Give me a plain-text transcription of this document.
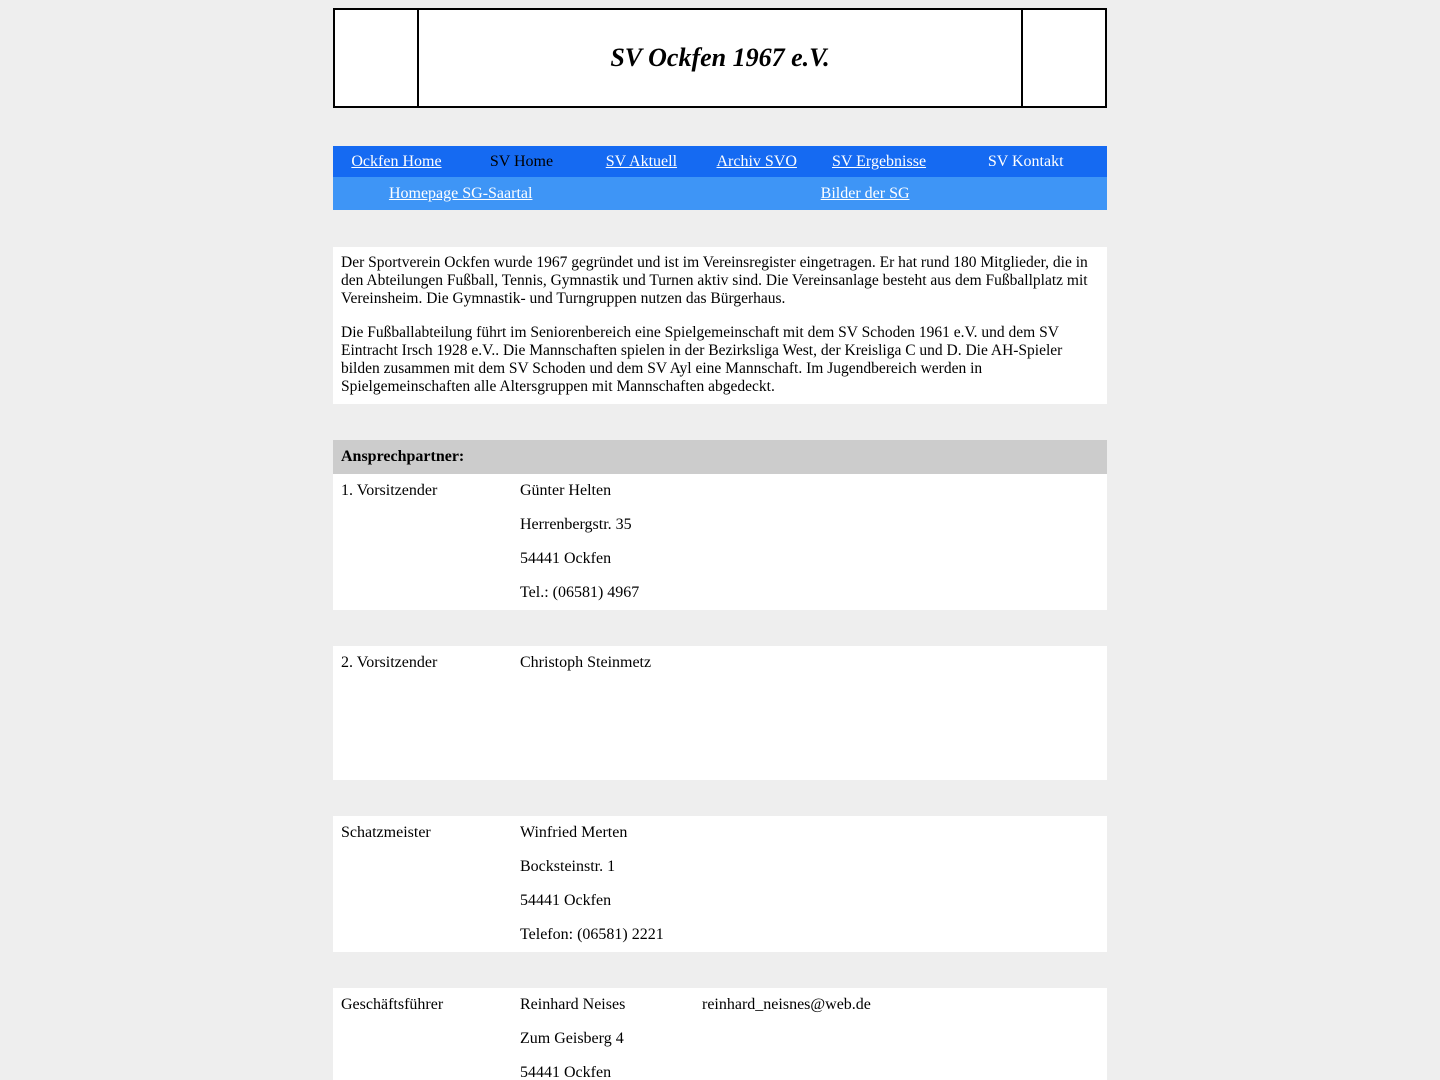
SV Ockfen 1967 e.V.
Ockfen Home	SV Home	SV Aktuell	Archiv SVO	SV Ergebnisse	SV Kontakt
Homepage SG-Saartal	Bilder der SG

Der Sportverein Ockfen wurde 1967 gegründet und ist im Vereinsregister eingetragen. Er hat rund 180 Mitglieder, die in den Abteilungen Fußball, Tennis, Gymnastik und Turnen aktiv sind. Die Vereinsanlage besteht aus dem Fußballplatz mit Vereinsheim. Die Gymnastik- und Turngruppen nutzen das Bürgerhaus.

Die Fußballabteilung führt im Seniorenbereich eine Spielgemeinschaft mit dem SV Schoden 1961 e.V. und dem SV Eintracht Irsch 1928 e.V.. Die Mannschaften spielen in der Bezirksliga West, der Kreisliga C und D. Die AH-Spieler bilden zusammen mit dem SV Schoden und dem SV Ayl eine Mannschaft. Im Jugendbereich werden in Spielgemeinschaften alle Altersgruppen mit Mannschaften abgedeckt.

Ansprechpartner:
1. Vorsitzender	Günter Helten
Herrenbergstr. 35
54441 Ockfen
Tel.: (06581) 4967
2. Vorsitzender	Christoph Steinmetz
Schatzmeister	Winfried Merten
Bocksteinstr. 1
54441 Ockfen
Telefon: (06581) 2221
Geschäftsführer	Reinhard Neises	reinhard_neisnes@web.de
Zum Geisberg 4
54441 Ockfen
